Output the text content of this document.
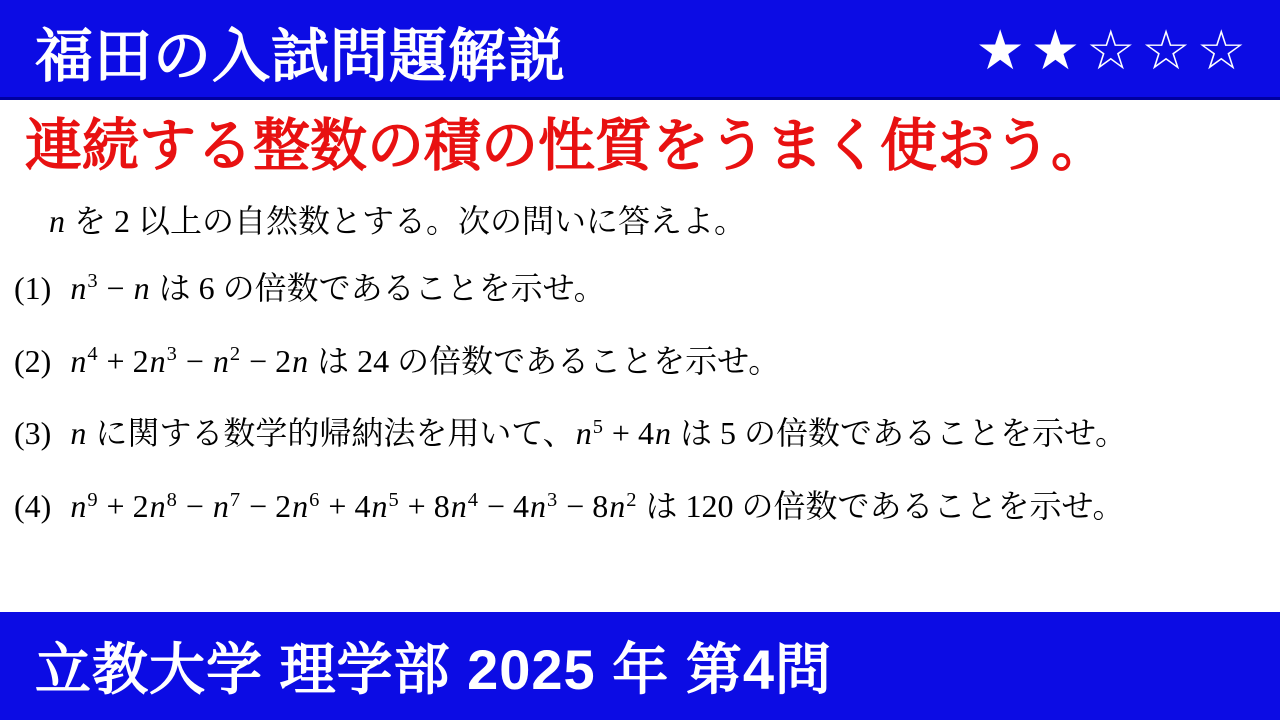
福田の入試問題解説	★★☆☆☆
連続する整数の積の性質をうまく使おう。

n を 2 以上の自然数とする。次の問いに答えよ。

(1) $n^3 - n$ は 6 の倍数であることを示せ。
(2) $n^4 + 2n^3 - n^2 - 2n$ は 24 の倍数であることを示せ。
(3) n に関する数学的帰納法を用いて、$n^5 + 4n$ は 5 の倍数であることを示せ。
(4) $n^9 + 2n^8 - n^7 - 2n^6 + 4n^5 + 8n^4 - 4n^3 - 8n^2$ は 120 の倍数であることを示せ。
立教大学 理学部 2025 年 第4問
